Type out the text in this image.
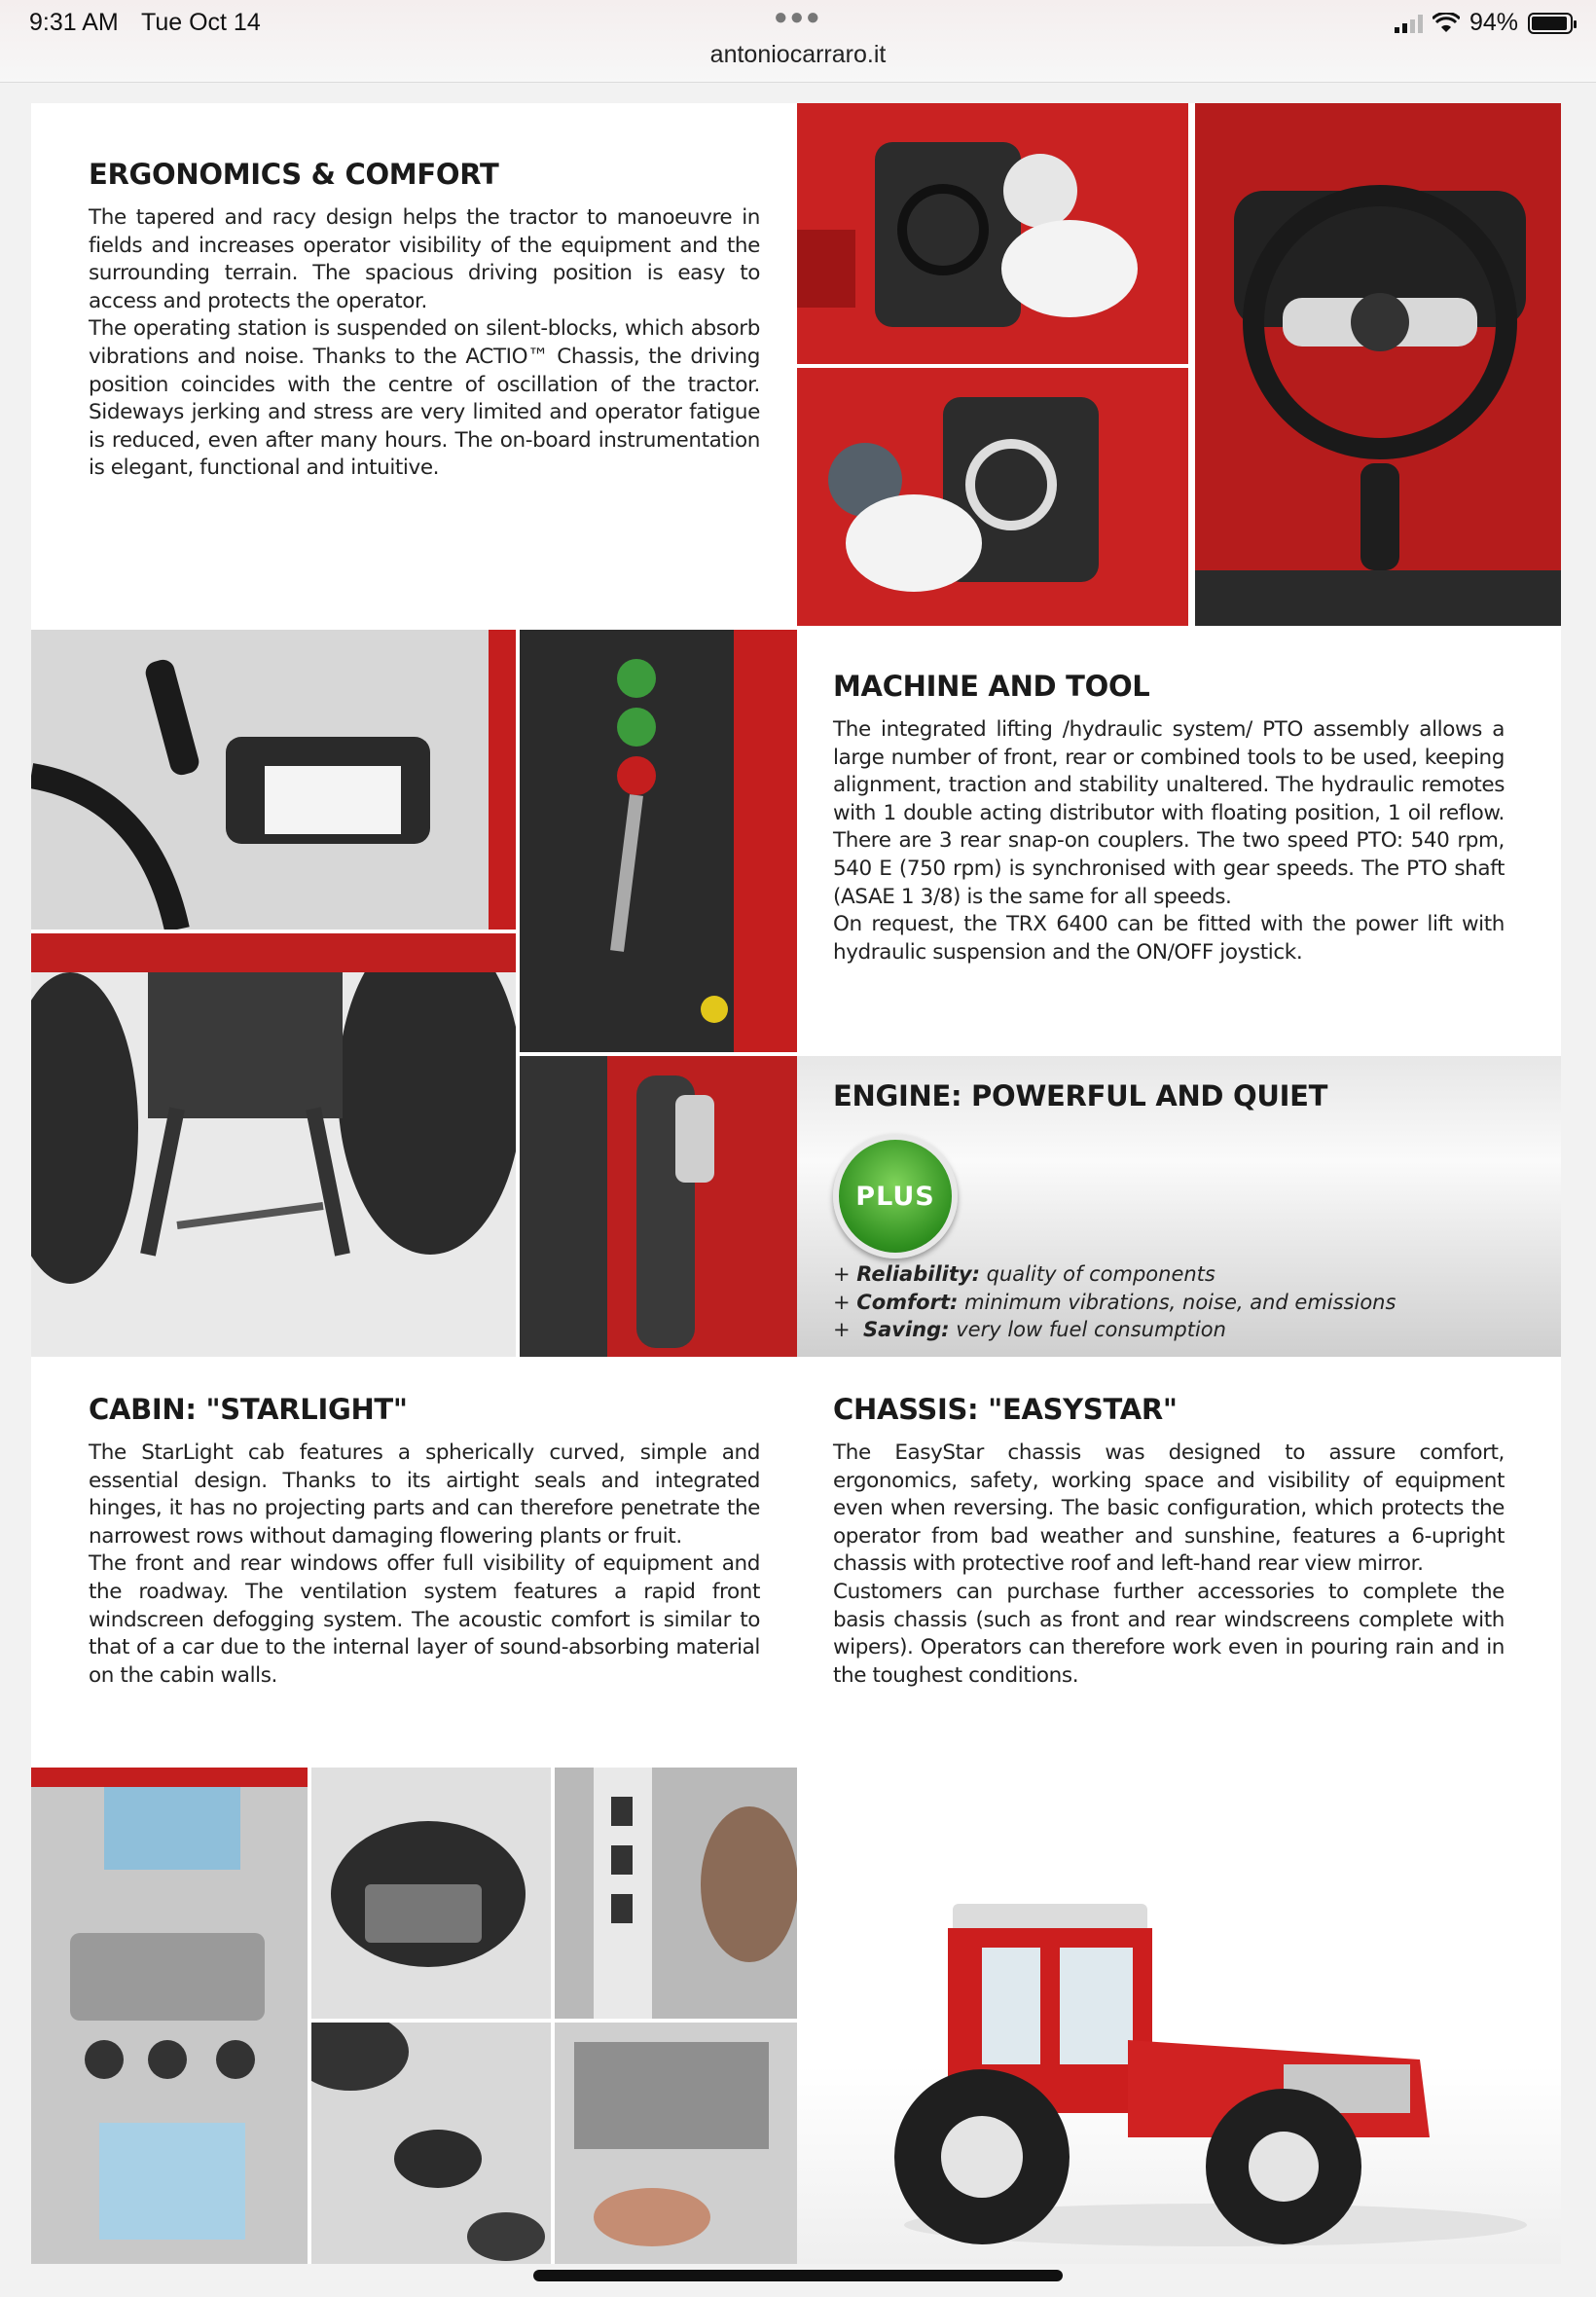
9:31 AM Tue Oct 14	●●●
antoniocarraro.it
94%
ERGONOMICS & COMFORT

The tapered and racy design helps the tractor to manoeuvre in fields and increases operator visibility of the equipment and the surrounding terrain. The spacious driving position is easy to access and protects the operator.

The operating station is suspended on silent-blocks, which absorb vibrations and noise. Thanks to the ACTIO™ Chassis, the driving position coincides with the centre of oscillation of the tractor. Sideways jerking and stress are very limited and operator fatigue is reduced, even after many hours. The on-board instrumentation is elegant, functional and intuitive.

MACHINE AND TOOL

The integrated lifting /hydraulic system/ PTO assembly allows a large number of front, rear or combined tools to be used, keeping alignment, traction and stability unaltered. The hydraulic remotes with 1 double acting distributor with floating position, 1 oil reflow. There are 3 rear snap-on couplers. The two speed PTO: 540 rpm, 540 E (750 rpm) is synchronised with gear speeds. The PTO shaft (ASAE 1 3/8) is the same for all speeds.

On request, the TRX 6400 can be fitted with the power lift with hydraulic suspension and the ON/OFF joystick.

ENGINE: POWERFUL AND QUIET
PLUS
+ Reliability: quality of components
+ Comfort: minimum vibrations, noise, and emissions
+ Saving: very low fuel consumption
CABIN: "STARLIGHT"

The StarLight cab features a spherically curved, simple and essential design. Thanks to its airtight seals and integrated hinges, it has no projecting parts and can therefore penetrate the narrowest rows without damaging flowering plants or fruit.

The front and rear windows offer full visibility of equipment and the roadway. The ventilation system features a rapid front windscreen defogging system. The acoustic comfort is similar to that of a car due to the internal layer of sound-absorbing material on the cabin walls.

CHASSIS: "EASYSTAR"

The EasyStar chassis was designed to assure comfort, ergonomics, safety, working space and visibility of equipment even when reversing. The basic configuration, which protects the operator from bad weather and sunshine, features a 6-upright chassis with protective roof and left-hand rear view mirror.

Customers can purchase further accessories to complete the basis chassis (such as front and rear windscreens complete with wipers). Operators can therefore work even in pouring rain and in the toughest conditions.
